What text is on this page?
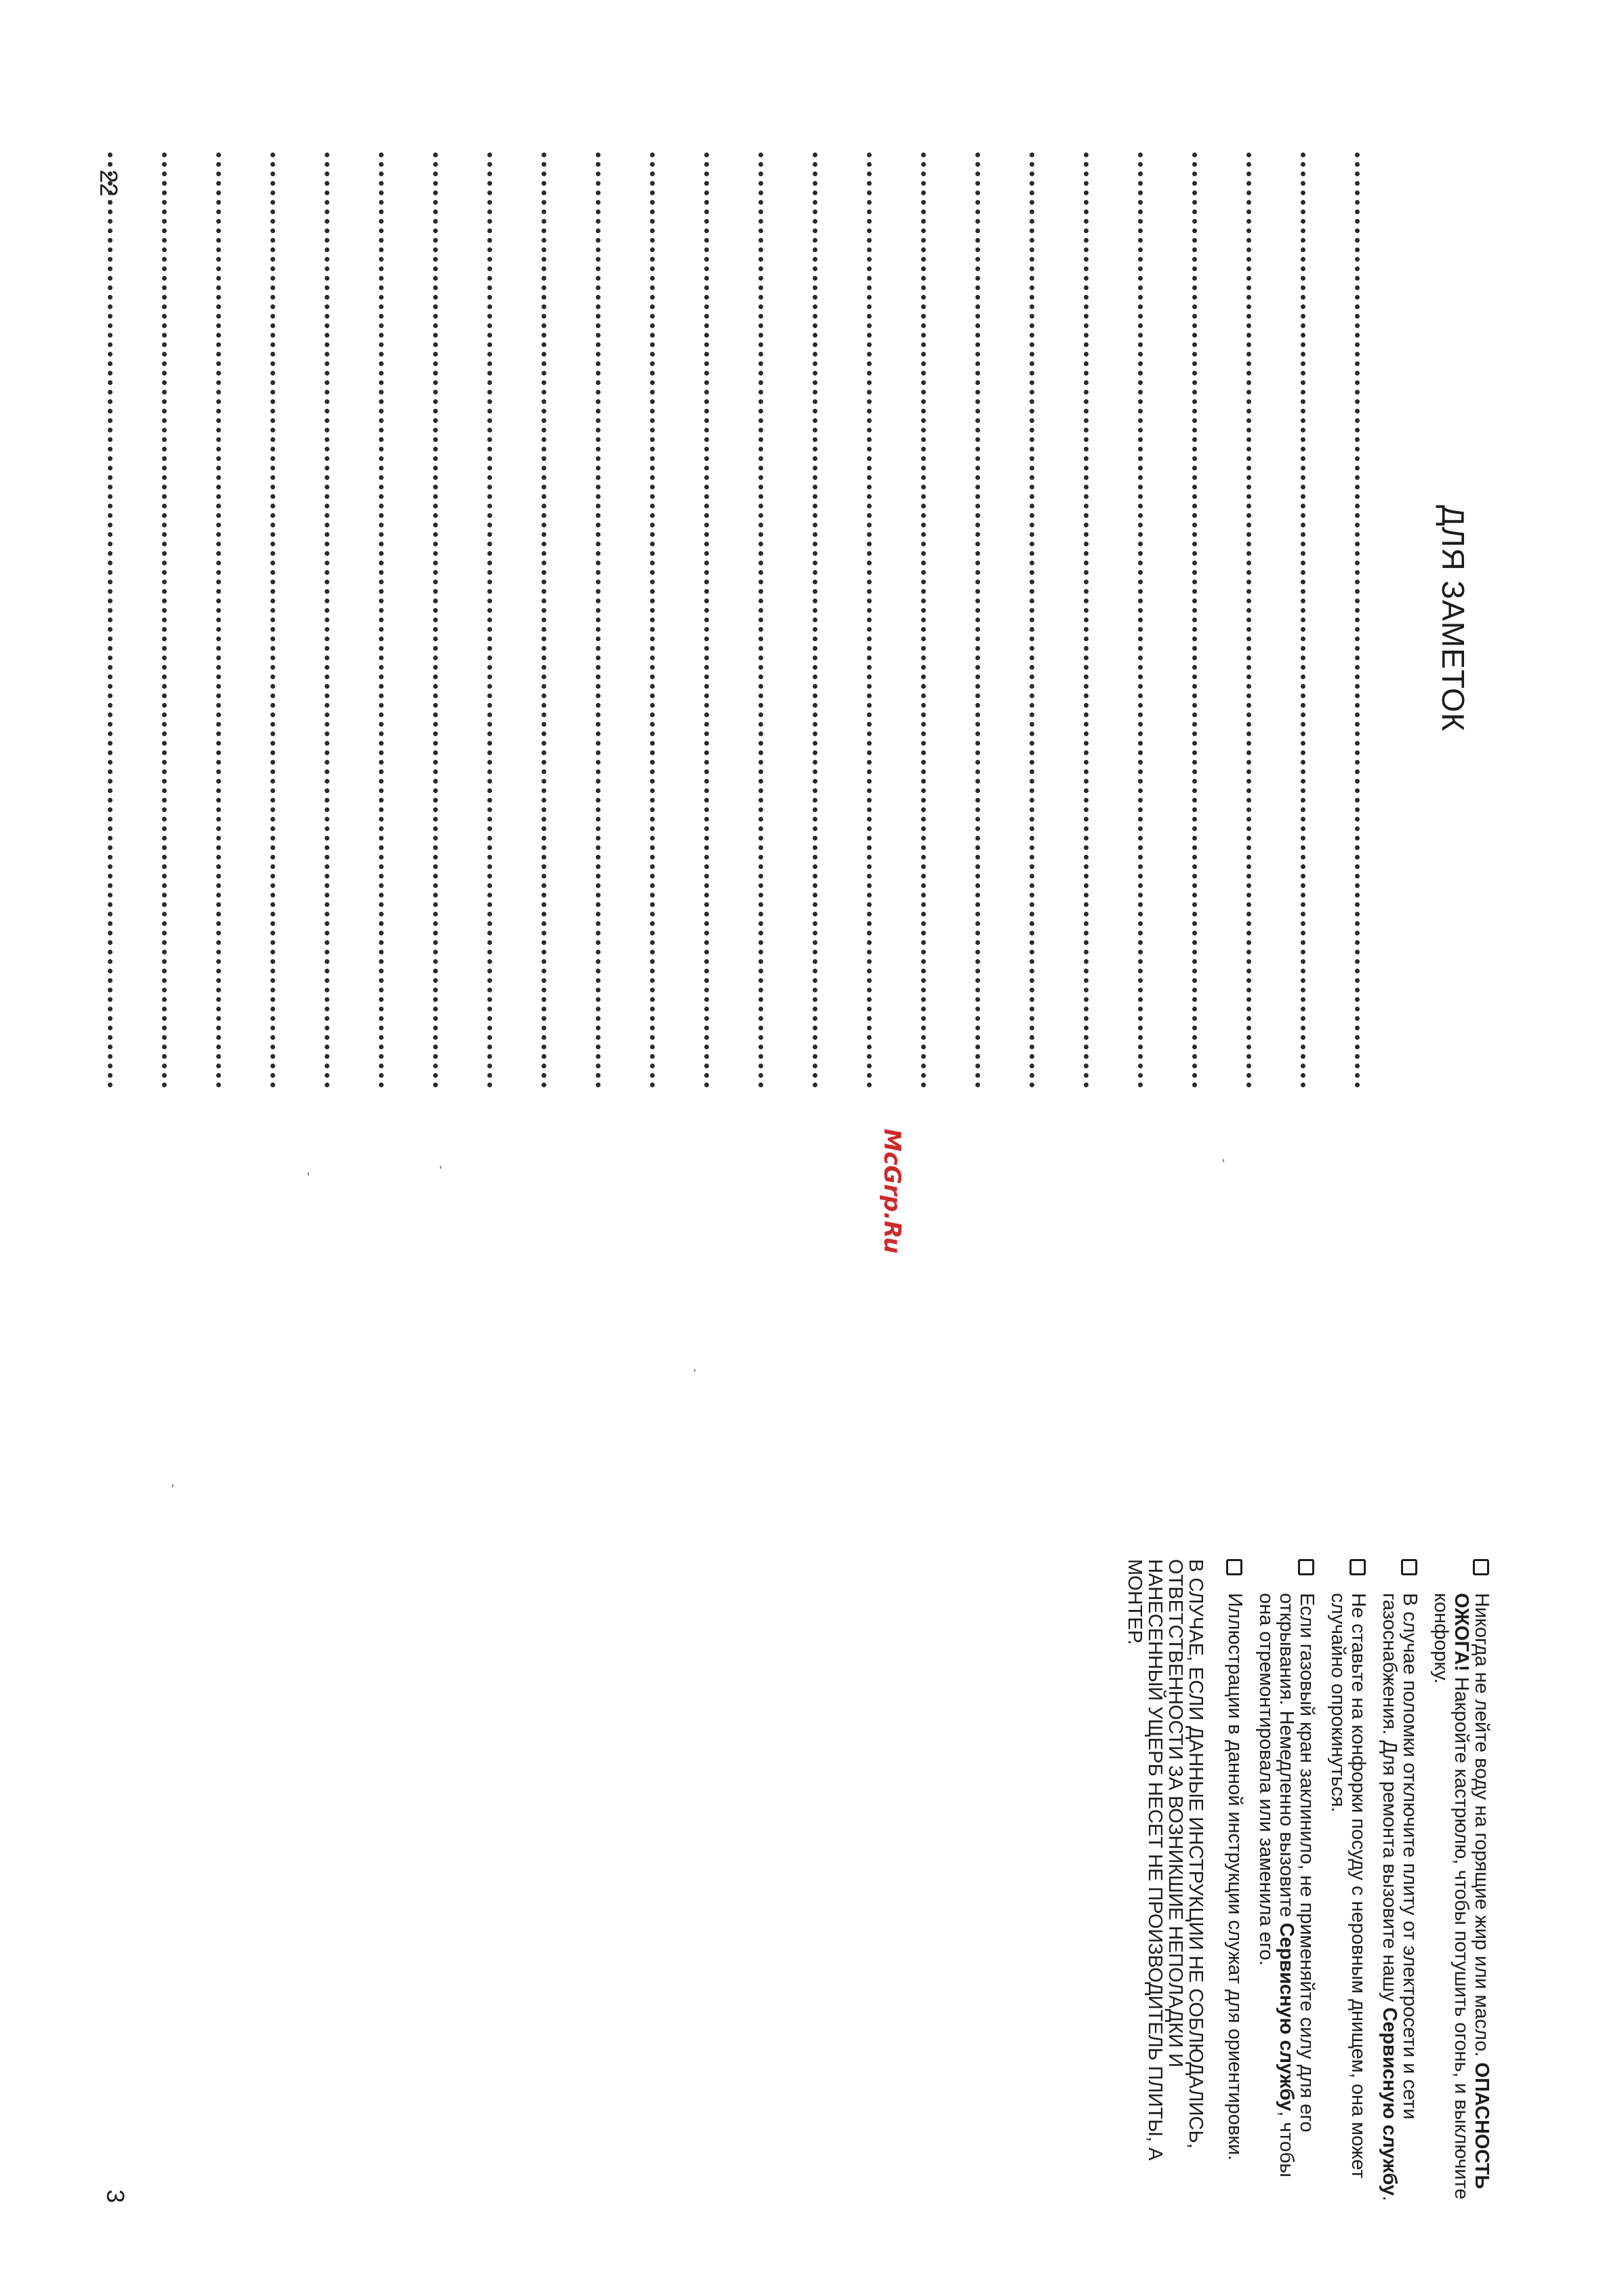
22
ДЛЯ ЗАМЕТОК
McGrp.Ru
Никогда не лейте воду на горящие жир или масло. ОПАСНОСТЬ ОЖОГА! Накройте кастрюлю, чтобы потушить огонь, и выключите конфорку.
В случае поломки отключите плиту от электросети и сети газоснабжения. Для ремонта вызовите нашу Сервисную службу.
Не ставьте на конфорки посуду с неровным днищем, она может случайно опрокинуться.
Если газовый кран заклинило, не применяйте силу для его открывания. Немедленно вызовите Сервисную службу, чтобы она отремонтировала или заменила его.
Иллюстрации в данной инструкции служат для ориентировки.
В СЛУЧАЕ, ЕСЛИ ДАННЫЕ ИНСТРУКЦИИ НЕ СОБЛЮДАЛИСЬ, ОТВЕТСТВЕННОСТИ ЗА ВОЗНИКШИЕ НЕПОЛАДКИ И НАНЕСЕННЫЙ УЩЕРБ НЕСЕТ НЕ ПРОИЗВОДИТЕЛЬ ПЛИТЫ, А МОНТЕР.
3
